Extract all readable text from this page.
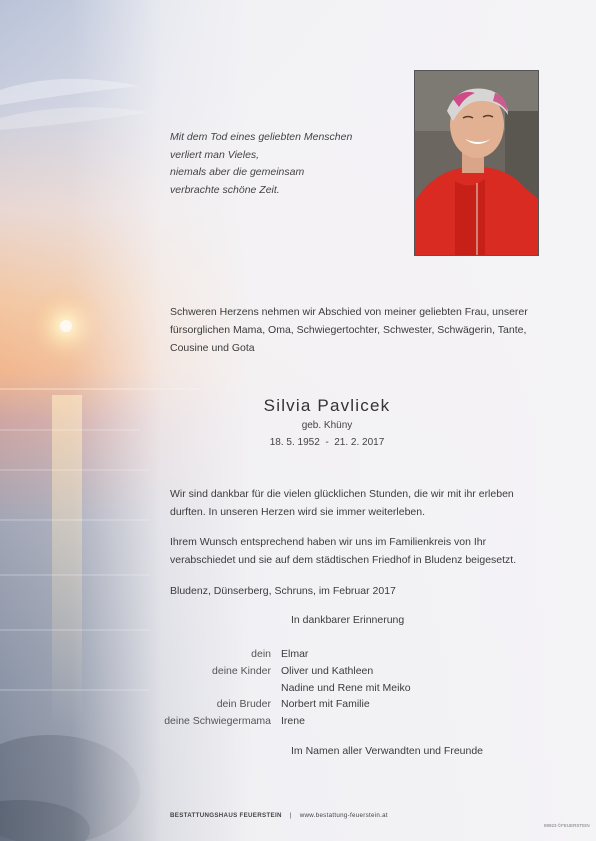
Mit dem Tod eines geliebten Menschen
verliert man Vieles,
niemals aber die gemeinsam
verbrachte schöne Zeit.
Schweren Herzens nehmen wir Abschied von meiner geliebten Frau, unserer fürsorglichen Mama, Oma, Schwiegertochter, Schwester, Schwägerin, Tante, Cousine und Gota
Silvia Pavlicek
geb. Khüny
18. 5. 1952  -  21. 2. 2017
Wir sind dankbar für die vielen glücklichen Stunden, die wir mit ihr erleben durften. In unseren Herzen wird sie immer weiterleben.
Ihrem Wunsch entsprechend haben wir uns im Familienkreis von Ihr verabschiedet und sie auf dem städtischen Friedhof in Bludenz beigesetzt.
Bludenz, Dünserberg, Schruns, im Februar 2017
In dankbarer Erinnerung
dein Elmar
deine Kinder Oliver und Kathleen
Nadine und Rene mit Meiko
dein Bruder Norbert mit Familie
deine Schwiegermama Irene
Im Namen aller Verwandten und Freunde
BESTATTUNGSHAUS FEUERSTEIN | www.bestattung-feuerstein.at
89923 ©FEUERSTEIN
